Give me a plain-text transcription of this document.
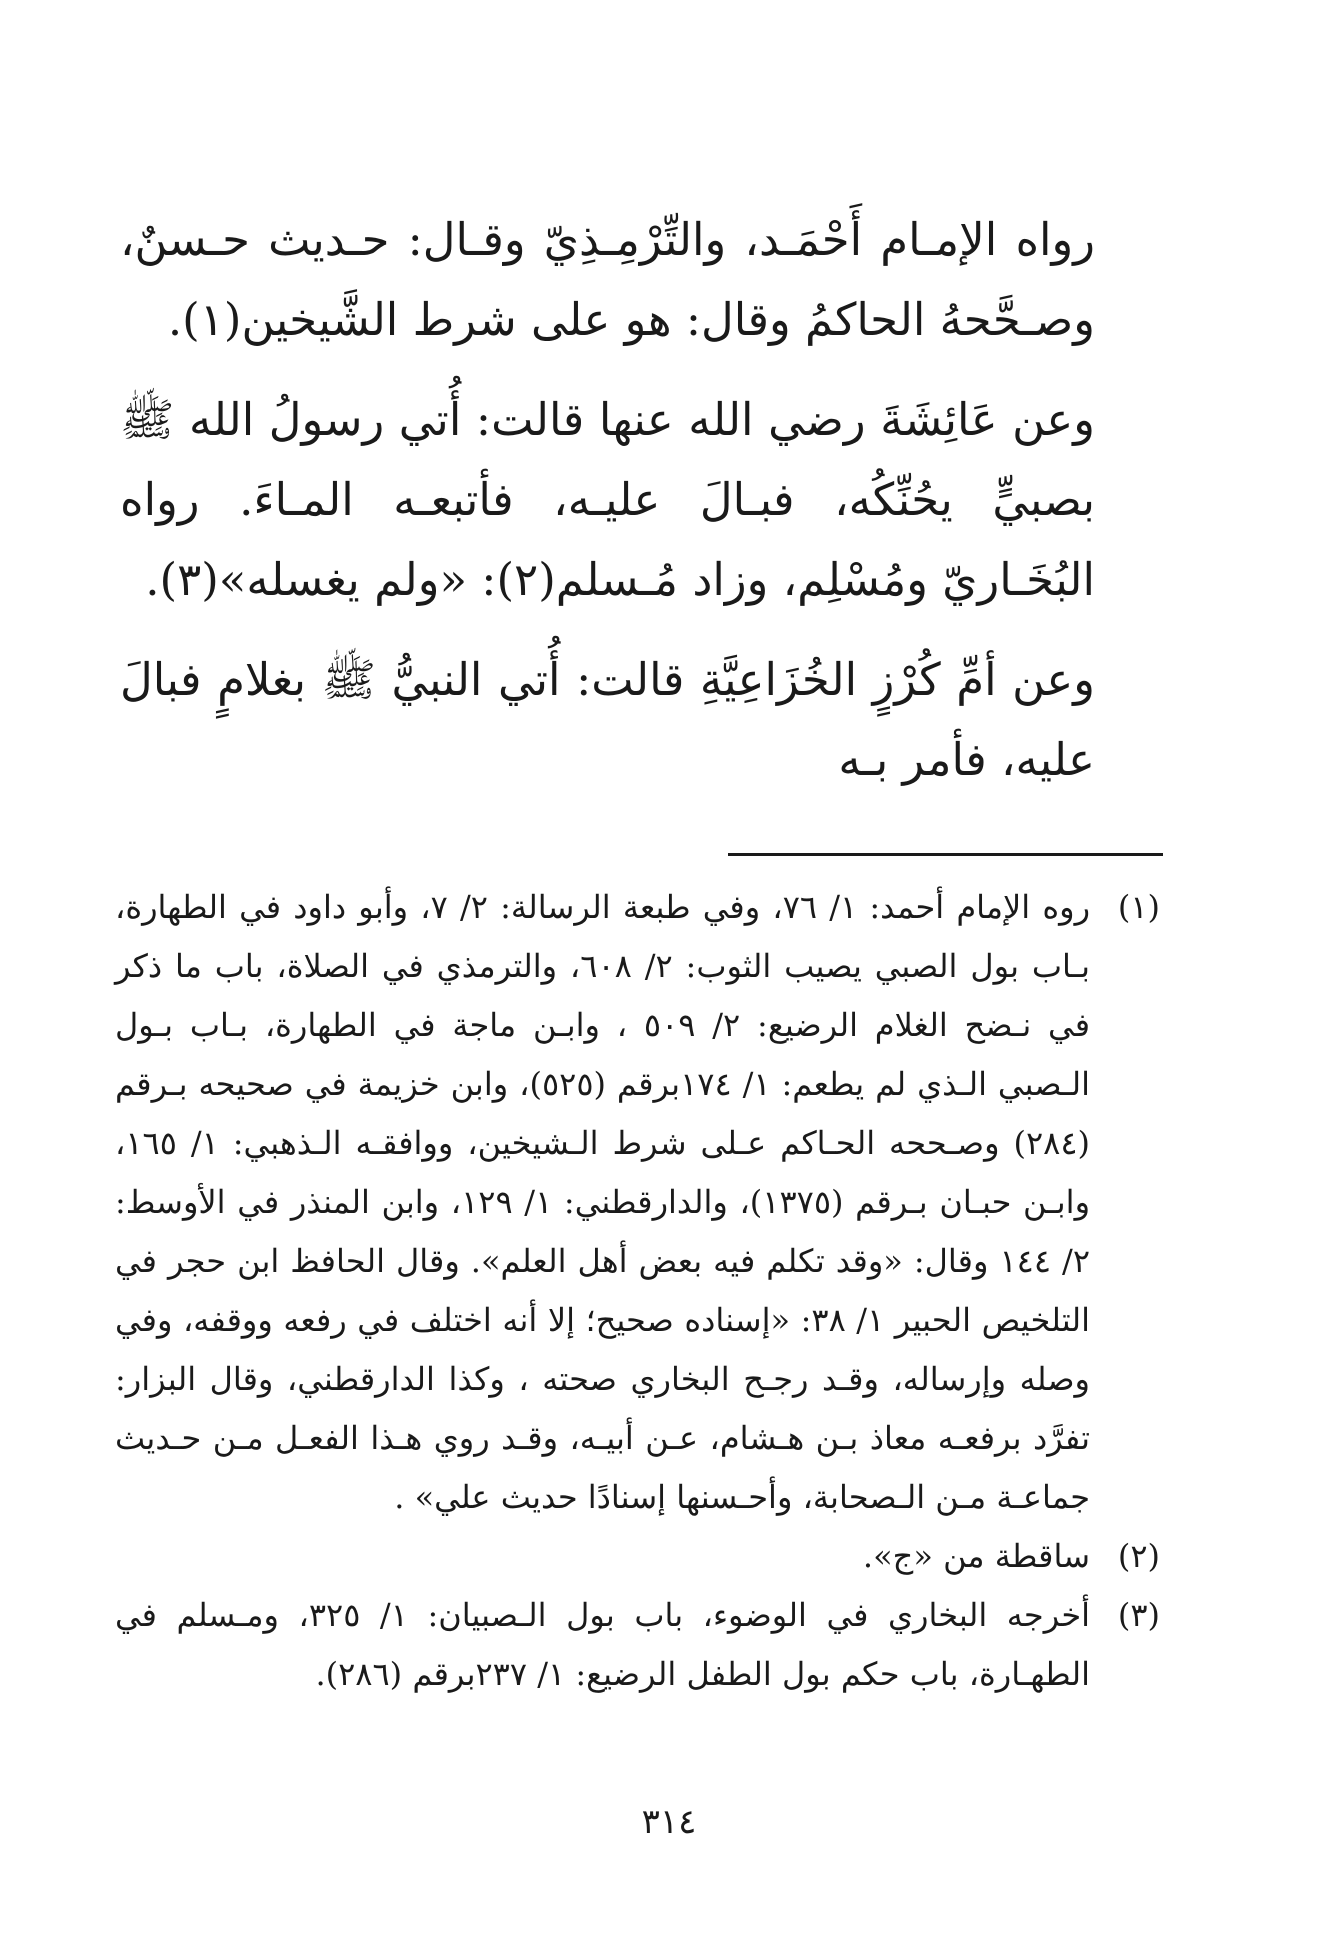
رواه الإمـام أَحْمَـد، والتِّرْمِـذِيّ وقـال: حـديث حـسنٌ، وصـحَّحهُ الحاكمُ وقال: هو على شرط الشَّيخين(١).

وعن عَائِشَةَ رضي الله عنها قالت: أُتي رسولُ الله ﷺ بصبيٍّ يحُنِّكُه، فبـالَ عليـه، فأتبعـه المـاءَ. رواه البُخَـاريّ ومُسْلِم، وزاد مُـسلم(٢): «ولم يغسله»(٣).

وعن أمِّ كُرْزٍ الخُزَاعِيَّةِ قالت: أُتي النبيُّ ﷺ بغلامٍ فبالَ عليه، فأمر بـه

(١)

روه الإمام أحمد: ١/ ٧٦، وفي طبعة الرسالة: ٢/ ٧، وأبو داود في الطهارة، بـاب بول الصبي يصيب الثوب: ٢/ ٦٠٨، والترمذي في الصلاة، باب ما ذكر في نـضح الغلام الرضيع: ٢/ ٥٠٩ ، وابـن ماجة في الطهارة، بـاب بـول الـصبي الـذي لم يطعم: ١/ ١٧٤برقم (٥٢٥)، وابن خزيمة في صحيحه بـرقم (٢٨٤) وصـححه الحـاكم عـلى شرط الـشيخين، ووافقـه الـذهبي: ١/ ١٦٥، وابـن حبـان بـرقم (١٣٧٥)، والدارقطني: ١/ ١٢٩، وابن المنذر في الأوسط: ٢/ ١٤٤ وقال: «وقد تكلم فيه بعض أهل العلم». وقال الحافظ ابن حجر في التلخيص الحبير ١/ ٣٨: «إسناده صحيح؛ إلا أنه اختلف في رفعه ووقفه، وفي وصله وإرساله، وقـد رجـح البخاري صحته ، وكذا الدارقطني، وقال البزار: تفرَّد برفعـه معاذ بـن هـشام، عـن أبيـه، وقـد روي هـذا الفعـل مـن حـديث جماعـة مـن الـصحابة، وأحـسنها إسنادًا حديث علي» .

(٢)

ساقطة من «ج».

(٣)

أخرجه البخاري في الوضوء، باب بول الـصبيان: ١/ ٣٢٥، ومـسلم في الطهـارة، باب حكم بول الطفل الرضيع: ١/ ٢٣٧برقم (٢٨٦).

٣١٤
